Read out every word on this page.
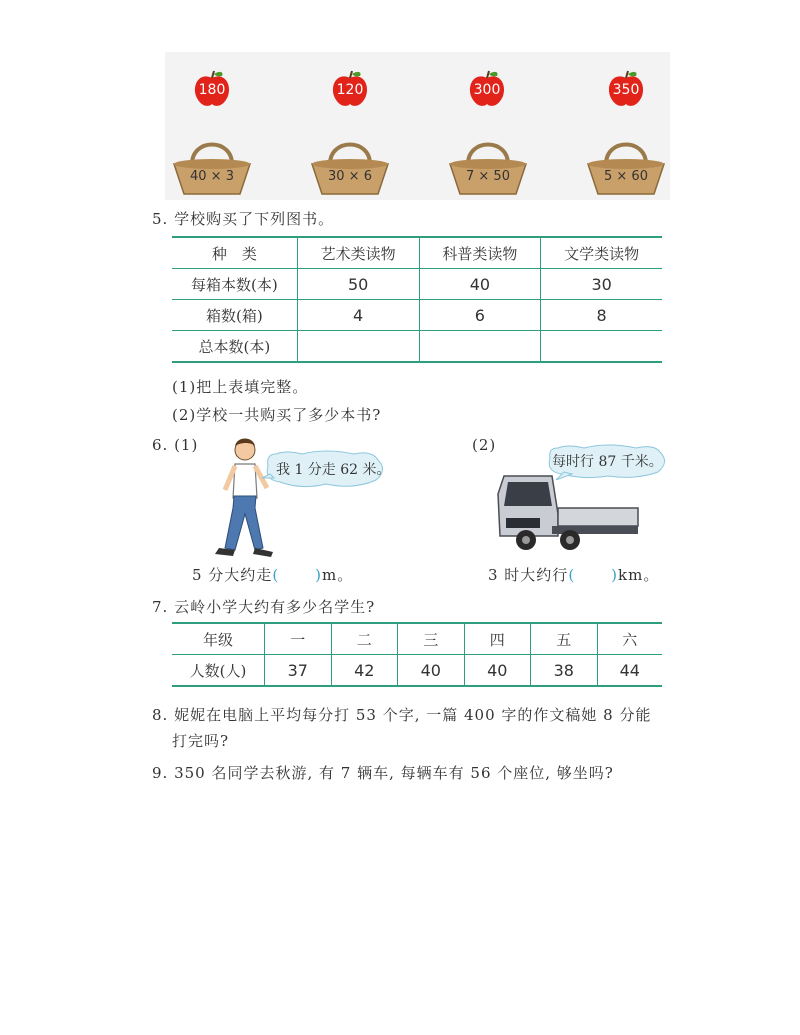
180	120	300	350
40 × 3	30 × 6	7 × 50	5 × 60
5. 学校购买了下列图书。
种　类	艺术类读物	科普类读物	文学类读物
每箱本数(本)	50	40	30
箱数(箱)	4	6	8
总本数(本)			
(1)把上表填完整。
(2)学校一共购买了多少本书?
6. (1)	(2)
我 1 分走 62 米。	每时行 87 千米。
5 分大约走( )m。	3 时大约行( )km。
7. 云岭小学大约有多少名学生?
年级	一	二	三	四	五	六
人数(人)	37	42	40	40	38	44
8. 妮妮在电脑上平均每分打 53 个字, 一篇 400 字的作文稿她 8 分能
打完吗?
9. 350 名同学去秋游, 有 7 辆车, 每辆车有 56 个座位, 够坐吗?
